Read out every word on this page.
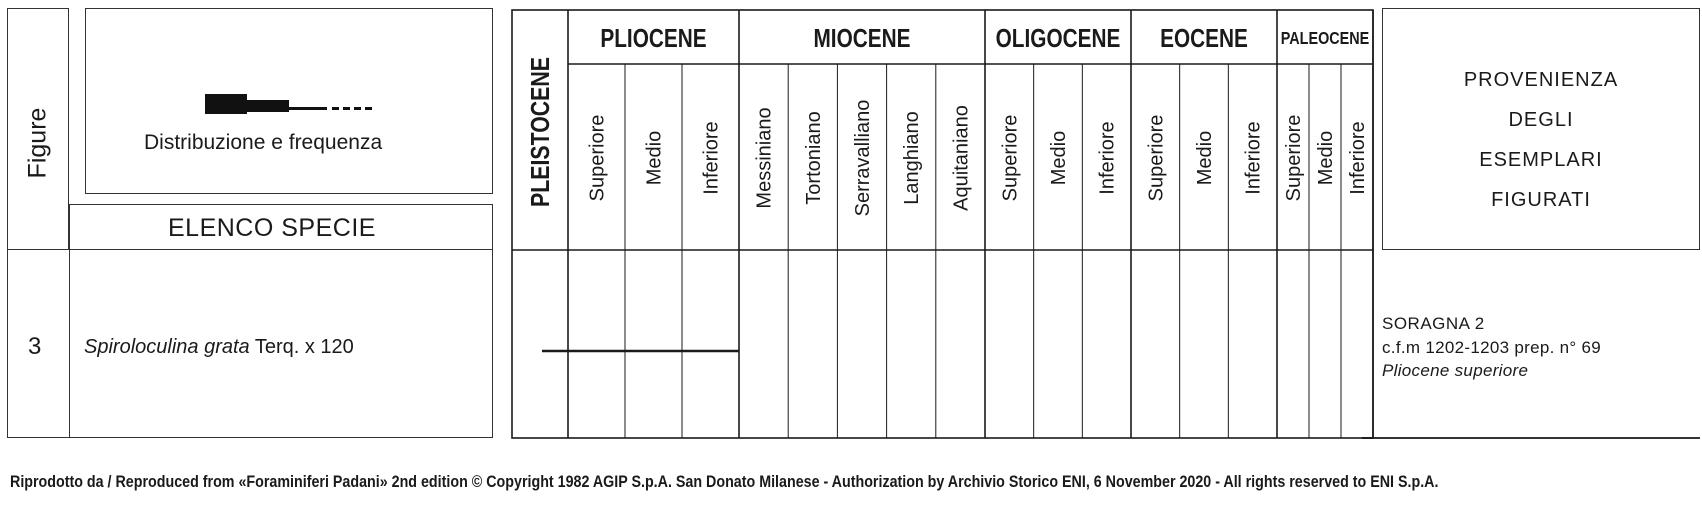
Figure	Distribuzione e frequenza
ELENCO SPECIE
PROVENIENZA
DEGLI
ESEMPLARI
FIGURATI
3 Spiroloculina grata Terq. x 120
SORAGNA 2
c.f.m 1202-1203 prep. n° 69
Pliocene superiore
PLEISTOCENE
PLIOCENE
Superiore Medio Inferiore
MIOCENE
Messiniano Tortoniano Serravalliano Langhiano Aquitaniano
OLIGOCENE
Superiore Medio Inferiore
EOCENE
Superiore Medio Inferiore
PALEOCENE
Superiore Medio Inferiore
Riprodotto da / Reproduced from «Foraminiferi Padani» 2nd edition © Copyright 1982 AGIP S.p.A. San Donato Milanese - Authorization by Archivio Storico ENI, 6 November 2020 - All rights reserved to ENI S.p.A.
